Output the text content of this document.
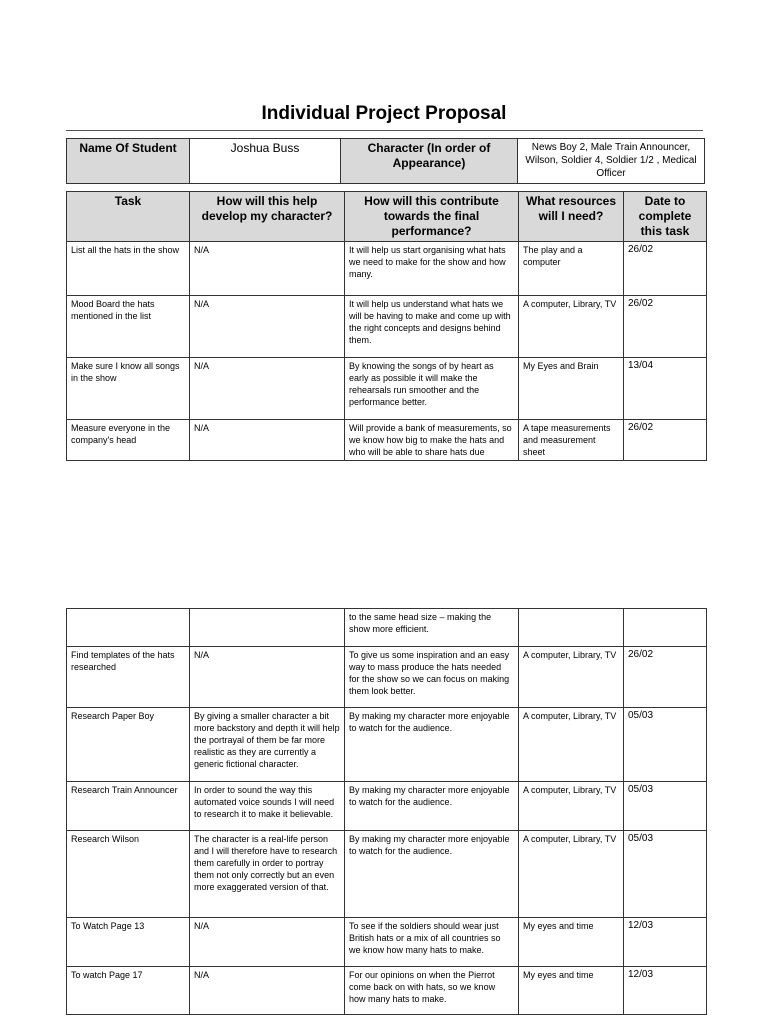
Individual Project Proposal
Name Of Student	Joshua Buss	Character (In order of Appearance)	News Boy 2, Male Train Announcer, Wilson, Soldier 4, Soldier 1/2 , Medical Officer
Task	How will this help develop my character?	How will this contribute towards the final performance?	What resources will I need?	Date to complete this task
List all the hats in the show	N/A	It will help us start organising what hats we need to make for the show and how many.	The play and a computer	26/02
Mood Board the hats mentioned in the list	N/A	It will help us understand what hats we will be having to make and come up with the right concepts and designs behind them.	A computer, Library, TV	26/02
Make sure I know all songs in the show	N/A	By knowing the songs of by heart as early as possible it will make the rehearsals run smoother and the performance better.	My Eyes and Brain	13/04
Measure everyone in the company's head	N/A	Will provide a bank of measurements, so we know how big to make the hats and who will be able to share hats due	A tape measurements and measurement sheet	26/02
		to the same head size – making the show more efficient.		
Find templates of the hats researched	N/A	To give us some inspiration and an easy way to mass produce the hats needed for the show so we can focus on making them look better.	A computer, Library, TV	26/02
Research Paper Boy	By giving a smaller character a bit more backstory and depth it will help the portrayal of them be far more realistic as they are currently a generic fictional character.	By making my character more enjoyable to watch for the audience.	A computer, Library, TV	05/03
Research Train Announcer	In order to sound the way this automated voice sounds I will need to research it to make it believable.	By making my character more enjoyable to watch for the audience.	A computer, Library, TV	05/03
Research Wilson	The character is a real-life person and I will therefore have to research them carefully in order to portray them not only correctly but an even more exaggerated version of that.	By making my character more enjoyable to watch for the audience.	A computer, Library, TV	05/03
To Watch Page 13	N/A	To see if the soldiers should wear just British hats or a mix of all countries so we know how many hats to make.	My eyes and time	12/03
To watch Page 17	N/A	For our opinions on when the Pierrot come back on with hats, so we know how many hats to make.	My eyes and time	12/03
